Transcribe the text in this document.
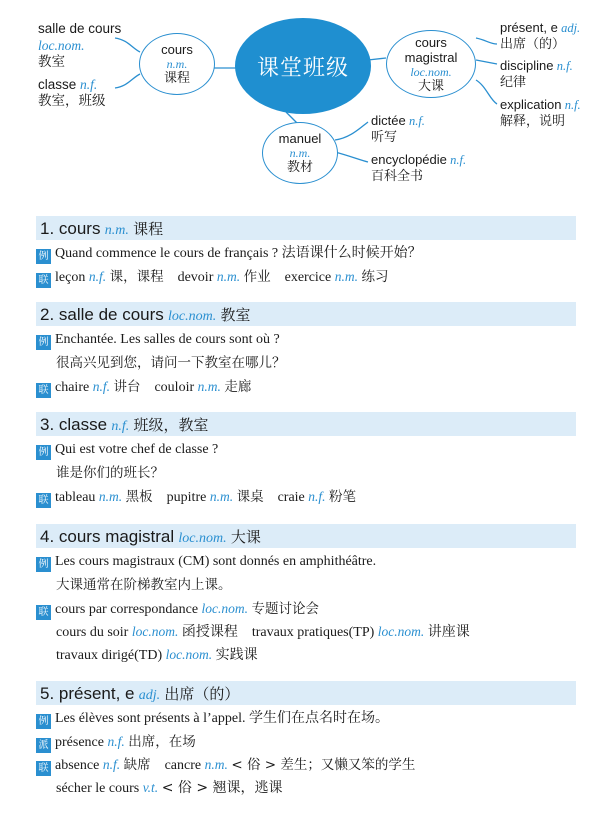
salle de cours
loc.nom.
教室
classe n.f.
教室，班级
cours
n.m.
课程	课堂班级
cours
magistral
loc.nom.
大课
manuel
n.m.
教材
présent, e adj.
出席（的）
discipline n.f.
纪律
explication n.f.
解释，说明
dictée n.f.
听写
encyclopédie n.f.
百科全书
1. cours n.m. 课程
例 Quand commence le cours de français ? 法语课什么时候开始？
联 leçon n.f. 课，课程 devoir n.m. 作业 exercice n.m. 练习
2. salle de cours loc.nom. 教室
例 Enchantée. Les salles de cours sont où ?
很高兴见到您，请问一下教室在哪儿？
联 chaire n.f. 讲台 couloir n.m. 走廊
3. classe n.f. 班级，教室
例 Qui est votre chef de classe ?
谁是你们的班长？
联 tableau n.m. 黑板 pupitre n.m. 课桌 craie n.f. 粉笔
4. cours magistral loc.nom. 大课
例 Les cours magistraux (CM) sont donnés en amphithéâtre.
大课通常在阶梯教室内上课。
联 cours par correspondance loc.nom. 专题讨论会
cours du soir loc.nom. 函授课程 travaux pratiques(TP) loc.nom. 讲座课
travaux dirigé(TD) loc.nom. 实践课
5. présent, e adj. 出席（的）
例 Les élèves sont présents à l’appel. 学生们在点名时在场。
派 présence n.f. 出席，在场
联 absence n.f. 缺席 cancre n.m. < 俗 > 差生；又懒又笨的学生
sécher le cours v.t. < 俗 > 翘课，逃课
